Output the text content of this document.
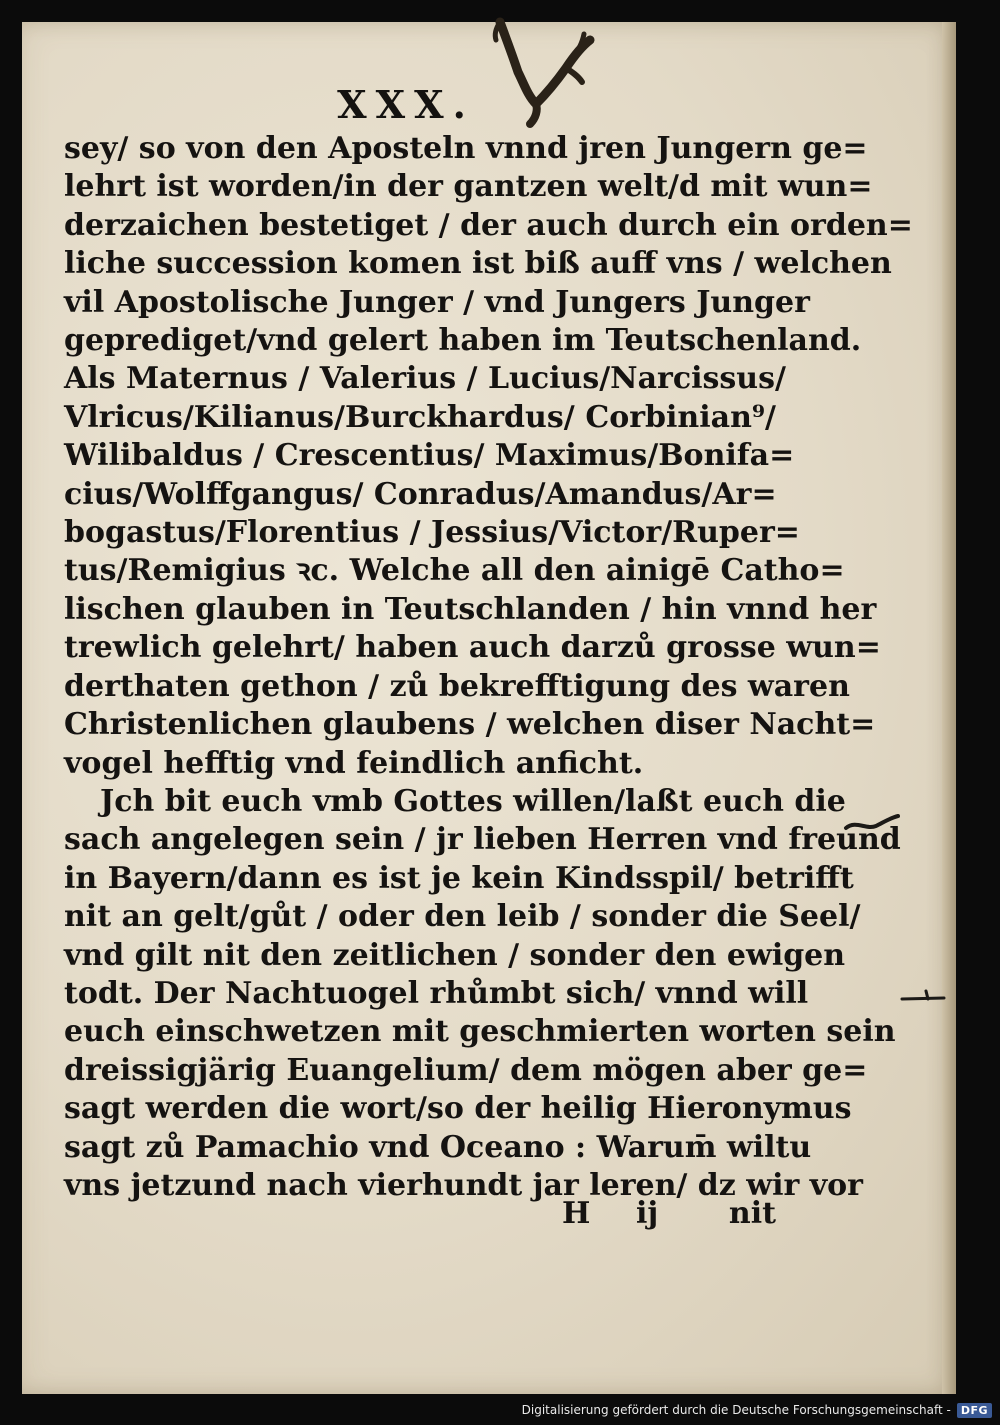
XXX.
sey/ so von den Aposteln vnnd jren Jungern ge=
lehrt ist worden/in der gantzen welt/d mit wun=
derzaichen bestetiget / der auch durch ein orden=
liche succession komen ist biß auff vns / welchen
vil Apostolische Junger / vnd Jungers Junger
geprediget/vnd gelert haben im Teutschenland.
Als Maternus / Valerius / Lucius/Narcissus/
Vlricus/Kilianus/Burckhardus/ Corbinian⁹/
Wilibaldus / Crescentius/ Maximus/Bonifa=
cius/Wolffgangus/ Conradus/Amandus/Ar=
bogastus/Florentius / Jessius/Victor/Ruper=
tus/Remigius ꝛc. Welche all den ainigē Catho=
lischen glauben in Teutschlanden / hin vnnd her
trewlich gelehrt/ haben auch darzů grosse wun=
derthaten gethon / zů bekrefftigung des waren
Christenlichen glaubens / welchen diser Nacht=
vogel hefftig vnd feindlich anficht.
Jch bit euch vmb Gottes willen/laßt euch die
sach angelegen sein / jr lieben Herren vnd freund
in Bayern/dann es ist je kein Kindsspil/ betrifft
nit an gelt/gůt / oder den leib / sonder die Seel/
vnd gilt nit den zeitlichen / sonder den ewigen
todt. Der Nachtuogel rhůmbt sich/ vnnd will
euch einschwetzen mit geschmierten worten sein
dreissigjärig Euangelium/ dem mögen aber ge=
sagt werden die wort/so der heilig Hieronymus
sagt zů Pamachio vnd Oceano : Warum̄ wiltu
vns jetzund nach vierhundt jar leren/ dz wir vor
H ij nit
Digitalisierung gefördert durch die Deutsche Forschungsgemeinschaft - DFG
